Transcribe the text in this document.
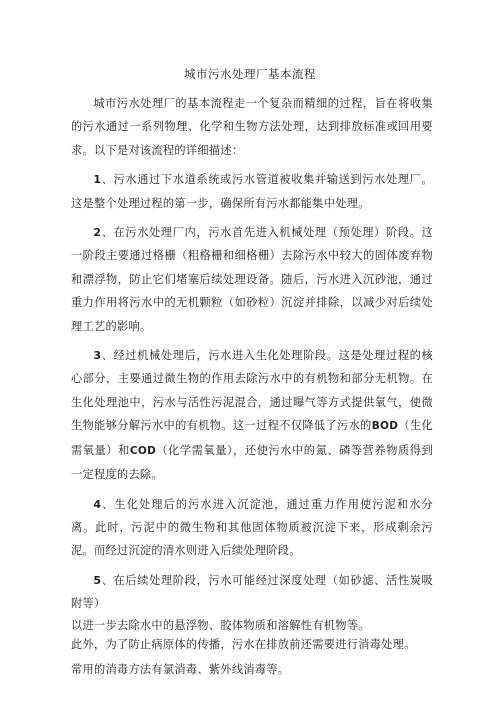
城市污水处理厂基本流程

城市污水处理厂的基本流程走一个复杂而精细的过程，旨在将收集的污水通过一系列物理、化学和生物方法处理，达到排放标准或回用要求。以下是对该流程的详细描述：

1、污水通过下水道系统或污水管道被收集并输送到污水处理厂。这是整个处理过程的第一步，确保所有污水都能集中处理。

2、在污水处理厂内，污水首先进入机械处理（预处理）阶段。这一阶段主要通过格栅（粗格栅和细格栅）去除污水中较大的固体废弃物和漂浮物，防止它们堵塞后续处理设备。随后，污水进入沉砂池，通过重力作用将污水中的无机颗粒（如砂粒）沉淀并排除，以减少对后续处理工艺的影响。

3、经过机械处理后，污水进入生化处理阶段。这是处理过程的核心部分，主要通过微生物的作用去除污水中的有机物和部分无机物。在生化处理池中，污水与活性污泥混合，通过曝气等方式提供氧气，使微生物能够分解污水中的有机物。这一过程不仅降低了污水的BOD（生化需氧量）和COD（化学需氧量），还使污水中的氮、磷等营养物质得到一定程度的去除。

4、生化处理后的污水进入沉淀池，通过重力作用使污泥和水分离。此时，污泥中的微生物和其他固体物质被沉淀下来，形成剩余污泥。而经过沉淀的清水则进入后续处理阶段。

5、在后续处理阶段，污水可能经过深度处理（如砂滤、活性炭吸附等）

以进一步去除水中的悬浮物、胶体物质和溶解性有机物等。

此外，为了防止病原体的传播，污水在排放前还需要进行消毒处理。

常用的消毒方法有氯消毒、紫外线消毒等。
